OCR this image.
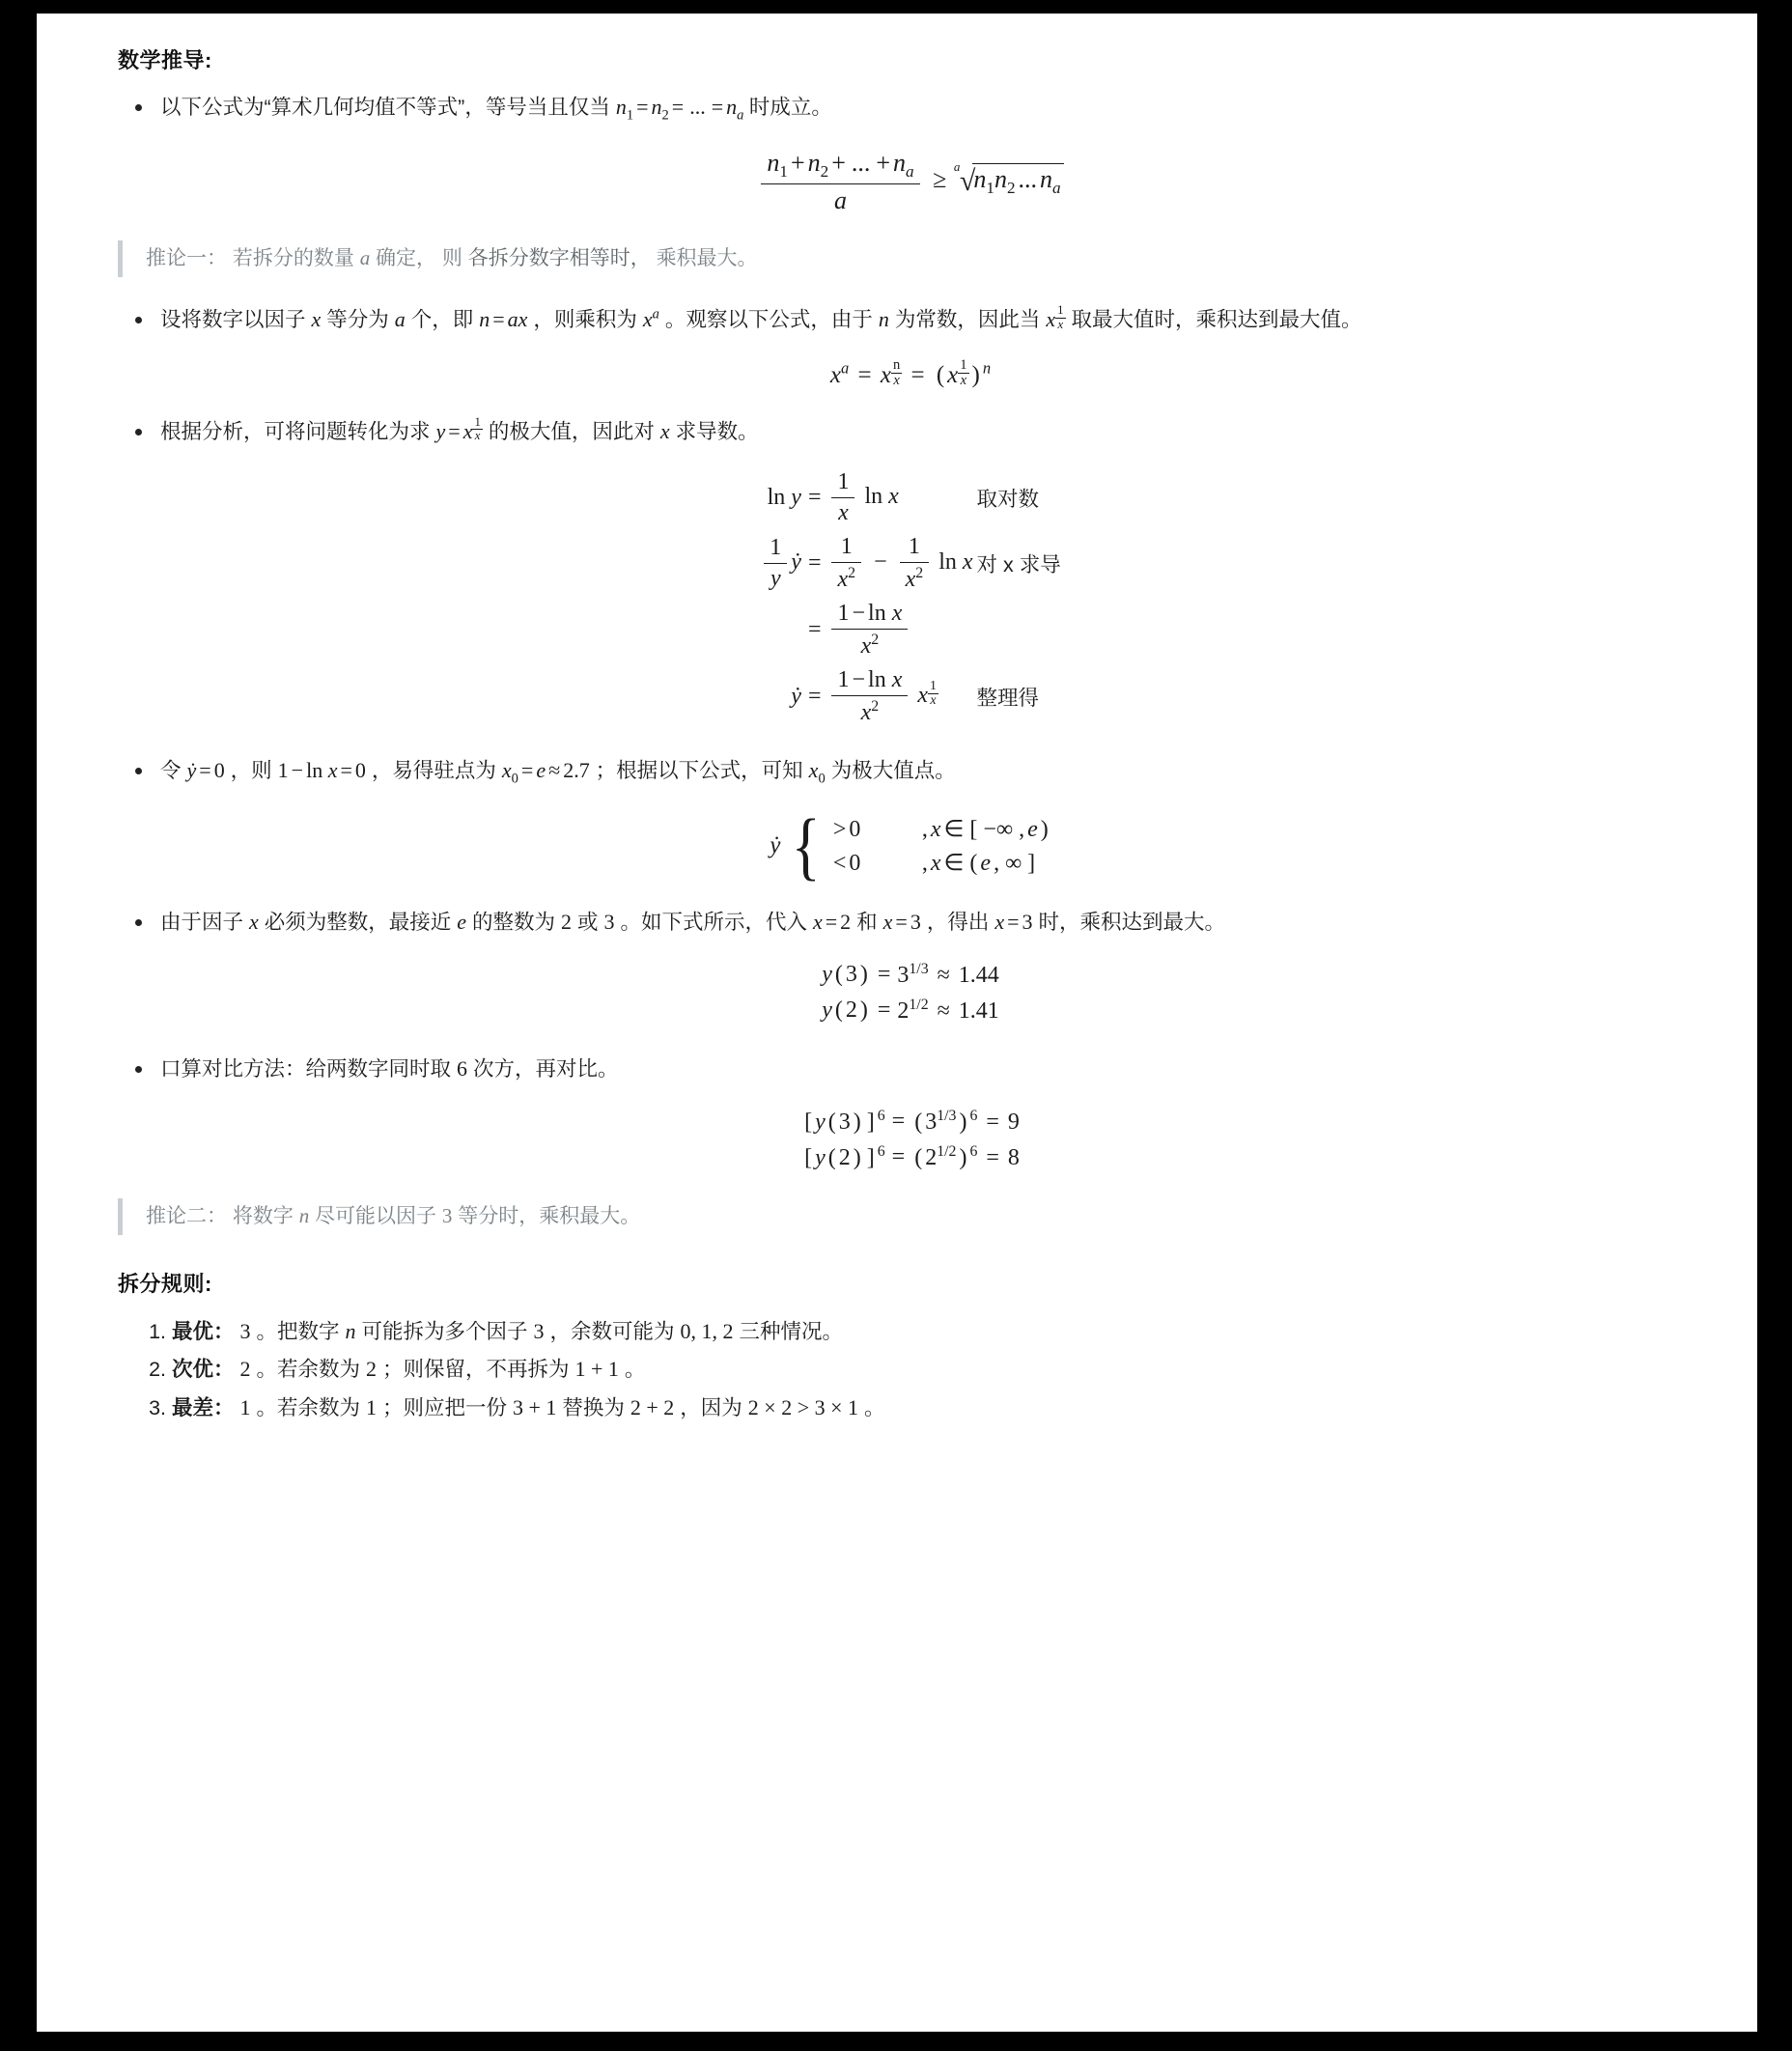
数学推导:
以下公式为“算术几何均值不等式”，等号当且仅当 $n_1 = n_2$ = ... = $n_a$ 时成立。
$\frac{n_1 + n_2 + ... + n_a}{a} \ge a$ $√n_1n_2$ ... $n_a$
推论一： 若拆分的数量 a 确定， 则 各拆分数字相等时， 乘积最大。
设将数字以因子 x 等分为 a 个，即 n = ax ，则乘积为 $x^a$ 。观察以下公式，由于 n 为常数，因此当 x $\frac{1}{x}$ 取最大值时，乘积达到最大值。
$x^a = x \frac{n}{x}$ = ( x $\frac{1}{x}$ ) $^n$
根据分析，可将问题转化为求 y = x $\frac{1}{x}$ 的极大值，因此对 x 求导数。
ln y	=	$\frac{1}{x}$ ln x	取对数

$\frac{1}{y}$ ẏ	=	$\frac{1}{x^2} - \frac{1}{x^2}$ ln x	对 x 求导
	=	$\frac{\text{1 − ln x}}{x^2}$

ẏ	=	$\frac{\text{1 − ln x}}{x^2}$ x $\frac{1}{x}$	整理得
令 ẏ = 0 ，则 1 − ln x = 0 ，易得驻点为 $x_0 = e \approx 2.7$ ；根据以下公式，可知 $x_0$ 为极大值点。
ẏ { > 0	, x ∈ [ −∞ , e )
< 0	, x ∈ ( e , ∞ ]
由于因子 x 必须为整数，最接近 e 的整数为 2 或 3 。如下式所示，代入 x = 2 和 x = 3 ，得出 x = 3 时，乘积达到最大。
y ( 3 )	=	$3^{1/3} \approx 1.44$
y ( 2 )	=	$2^{1/2} \approx 1.41$
口算对比方法：给两数字同时取 6 次方，再对比。
[ y ( 3 ) ] $^6$	=	( $3^{1/3}$ ) $^6$ = 9
[ y ( 2 ) ] $^6$	=	( $2^{1/2}$ ) $^6$ = 8
推论二： 将数字 n 尽可能以因子 3 等分时，乘积最大。
拆分规则:
1. 最优： 3 。把数字 n 可能拆为多个因子 3 ，余数可能为 0, 1, 2 三种情况。
2. 次优： 2 。若余数为 2 ；则保留，不再拆为 1 + 1 。
3. 最差： 1 。若余数为 1 ；则应把一份 3 + 1 替换为 2 + 2 ，因为 2 × 2 > 3 × 1 。
